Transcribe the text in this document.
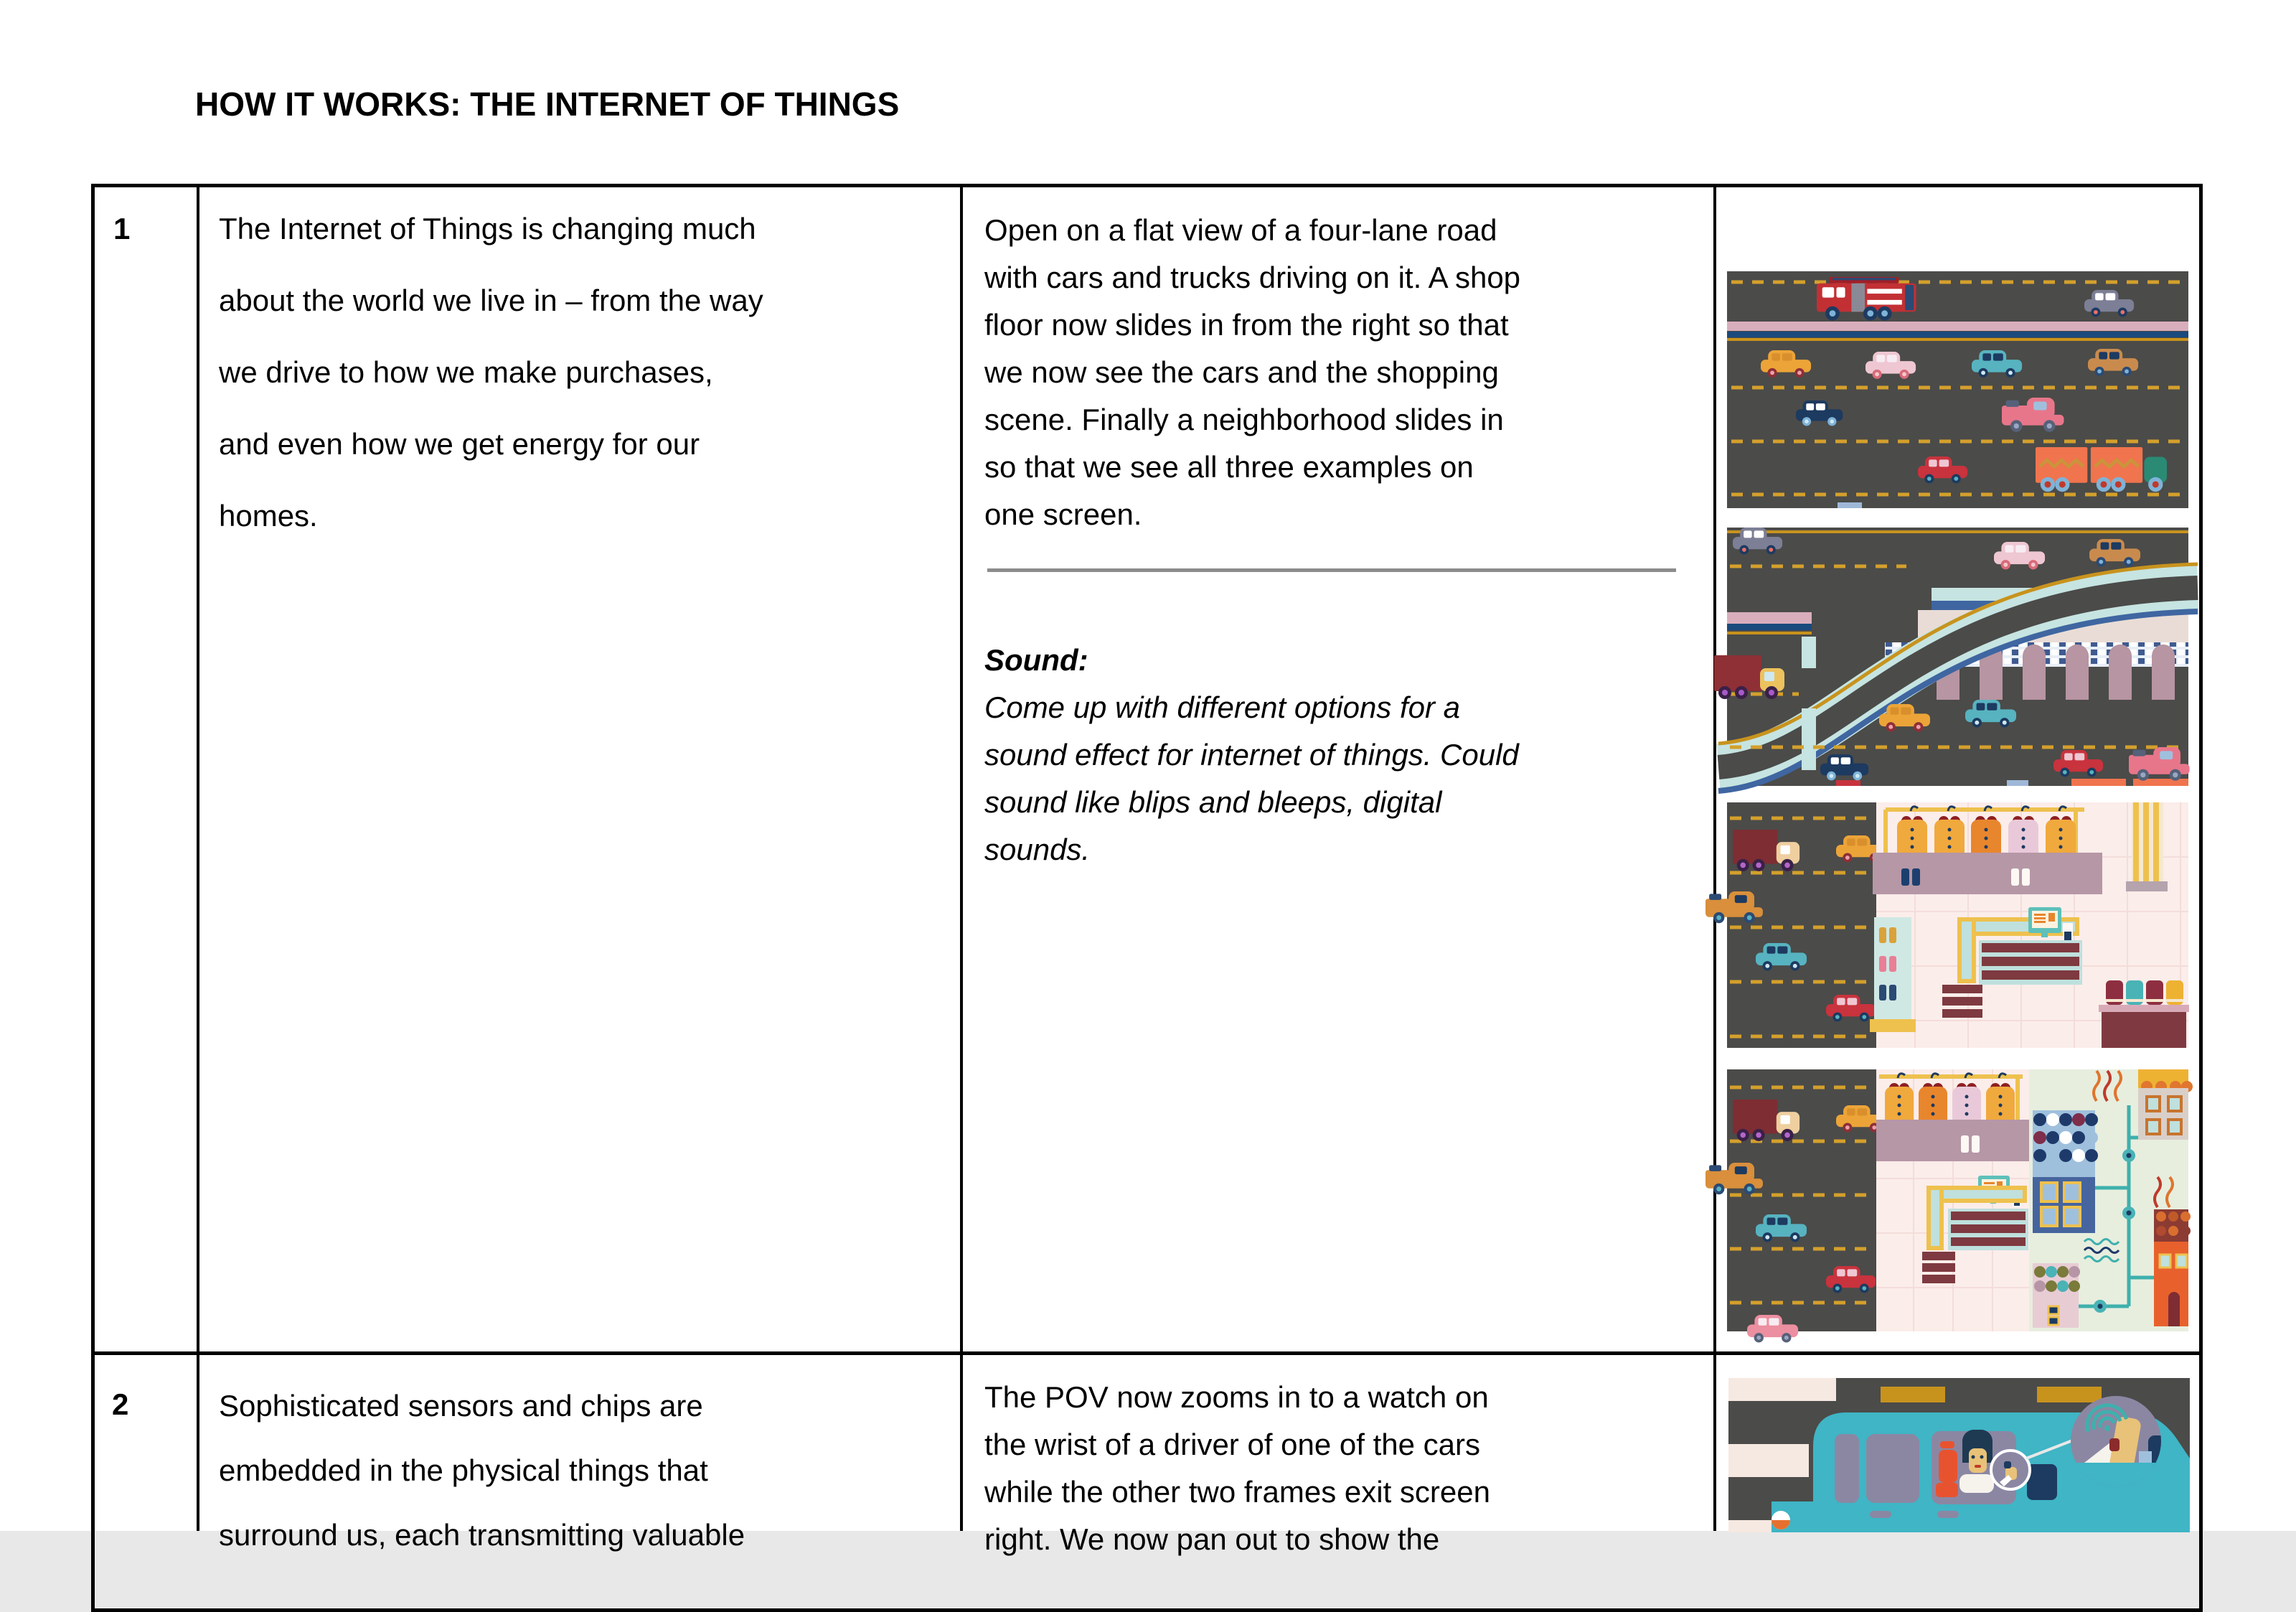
HOW IT WORKS: THE INTERNET OF THINGS
1	The Internet of Things is changing much
about the world we live in – from the way
we drive to how we make purchases,
and even how we get energy for our
homes.
Open on a flat view of a four-lane road
with cars and trucks driving on it. A shop
floor now slides in from the right so that
we now see the cars and the shopping
scene. Finally a neighborhood slides in
so that we see all three examples on
one screen.
Sound:
Come up with different options for a
sound effect for internet of things. Could
sound like blips and bleeps, digital
sounds.
2	Sophisticated sensors and chips are
embedded in the physical things that
surround us, each transmitting valuable
The POV now zooms in to a watch on
the wrist of a driver of one of the cars
while the other two frames exit screen
right. We now pan out to show the
